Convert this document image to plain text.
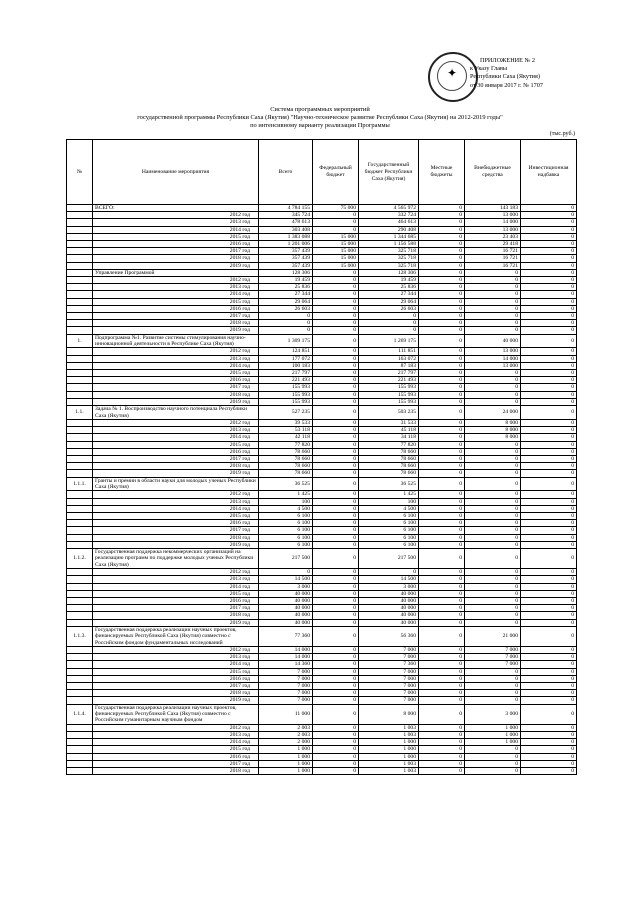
✦
ПРИЛОЖЕНИЕ № 2
к Указу Главы
Республики Саха (Якутия)
от 30 января 2017 г. № 1707
Система программных мероприятий
государственной программы Республики Саха (Якутия) "Научно-техническое развитие Республики Саха (Якутия) на 2012-2019 годы"
по интенсивному варианту реализации Программы
(тыс.руб.)
№	Наименование мероприятия	Всего	Федеральный бюджет	Государственный бюджет Республики Саха (Якутия)	Местные бюджеты	Внебюджетные средства	Инвестиционная надбавка
	ВСЕГО:	4 784 155	75 000	4 565 972	0	143 183	0
	2012 год	345 724	0	332 724	0	13 000	0
	2013 год	478 613	0	464 613	0	14 000	0
	2014 год	303 408	0	290 408	0	13 000	0
	2015 год	1 383 088	15 000	1 344 685	0	23 403	0
	2016 год	1 201 006	15 000	1 156 588	0	29 418	0
	2017 год	357 439	15 000	325 718	0	16 721	0
	2018 год	357 439	15 000	325 718	0	16 721	0
	2019 год	357 439	15 000	325 718	0	16 721	0
	Управление Программой	128 306	0	128 306	0	0	0
	2012 год	19 459	0	19 459	0	0	0
	2013 год	25 836	0	25 836	0	0	0
	2014 год	27 344	0	27 344	0	0	0
	2015 год	29 064	0	29 064	0	0	0
	2016 год	26 603	0	26 603	0	0	0
	2017 год	0	0	0	0	0	0
	2018 год	0	0	0	0	0	0
	2019 год	0	0	0	0	0	0
1.	Подпрограмма №1. Развитие системы стимулирования научно-инновационной деятельности в Республике Саха (Якутия)	1 309 175	0	1 269 175	0	40 000	0
	2012 год	124 851	0	111 851	0	13 000	0
	2013 год	177 072	0	163 072	0	14 000	0
	2014 год	100 183	0	87 183	0	13 000	0
	2015 год	217 797	0	217 797	0	0	0
	2016 год	221 493	0	221 493	0	0	0
	2017 год	155 993	0	155 993	0	0	0
	2018 год	155 993	0	155 993	0	0	0
	2019 год	155 993	0	155 993	0	0	0
1.1.	Задача № 1. Воспроизводство научного потенциала Республики Саха (Якутия)	527 235	0	503 235	0	24 000	0
	2012 год	39 533	0	31 533	0	8 000	0
	2013 год	53 118	0	45 118	0	8 000	0
	2014 год	42 118	0	34 118	0	8 000	0
	2015 год	77 820	0	77 820	0	0	0
	2016 год	78 660	0	78 660	0	0	0
	2017 год	78 660	0	78 660	0	0	0
	2018 год	78 660	0	78 660	0	0	0
	2019 год	78 660	0	78 660	0	0	0
1.1.1.	Гранты и премии в области науки для молодых ученых Республики Саха (Якутия)	36 525	0	36 525	0	0	0
	2012 год	1 425	0	1 425	0	0	0
	2013 год	100	0	100	0	0	0
	2014 год	4 500	0	4 500	0	0	0
	2015 год	6 100	0	6 100	0	0	0
	2016 год	6 100	0	6 100	0	0	0
	2017 год	6 100	0	6 100	0	0	0
	2018 год	6 100	0	6 100	0	0	0
	2019 год	6 100	0	6 100	0	0	0
1.1.2.	Государственная поддержка некоммерческих организаций на реализацию программ по поддержке молодых ученых Республики Саха (Якутия)	217 500	0	217 500	0	0	0
	2012 год	0	0	0	0	0	0
	2013 год	14 500	0	14 500	0	0	0
	2014 год	3 000	0	3 000	0	0	0
	2015 год	40 000	0	40 000	0	0	0
	2016 год	40 000	0	40 000	0	0	0
	2017 год	40 000	0	40 000	0	0	0
	2018 год	40 000	0	40 000	0	0	0
	2019 год	40 000	0	40 000	0	0	0
1.1.3.	Государственная поддержка реализации научных проектов, финансируемых Республикой Саха (Якутия) совместно с Российским фондом фундаментальных исследований	77 360	0	56 360	0	21 000	0
	2012 год	14 000	0	7 000	0	7 000	0
	2013 год	14 000	0	7 000	0	7 000	0
	2014 год	14 360	0	7 360	0	7 000	0
	2015 год	7 000	0	7 000	0	0	0
	2016 год	7 000	0	7 000	0	0	0
	2017 год	7 000	0	7 000	0	0	0
	2018 год	7 000	0	7 000	0	0	0
	2019 год	7 000	0	7 000	0	0	0
1.1.4.	Государственная поддержка реализации научных проектов, финансируемых Республикой Саха (Якутия) совместно с Российским гуманитарным научным фондом	11 000	0	8 000	0	3 000	0
	2012 год	2 003	0	1 003	0	1 000	0
	2013 год	2 003	0	1 003	0	1 000	0
	2014 год	2 000	0	1 000	0	1 000	0
	2015 год	1 000	0	1 000	0	0	0
	2016 год	1 000	0	1 000	0	0	0
	2017 год	1 000	0	1 003	0	0	0
	2018 год	1 000	0	1 003	0	0	0
